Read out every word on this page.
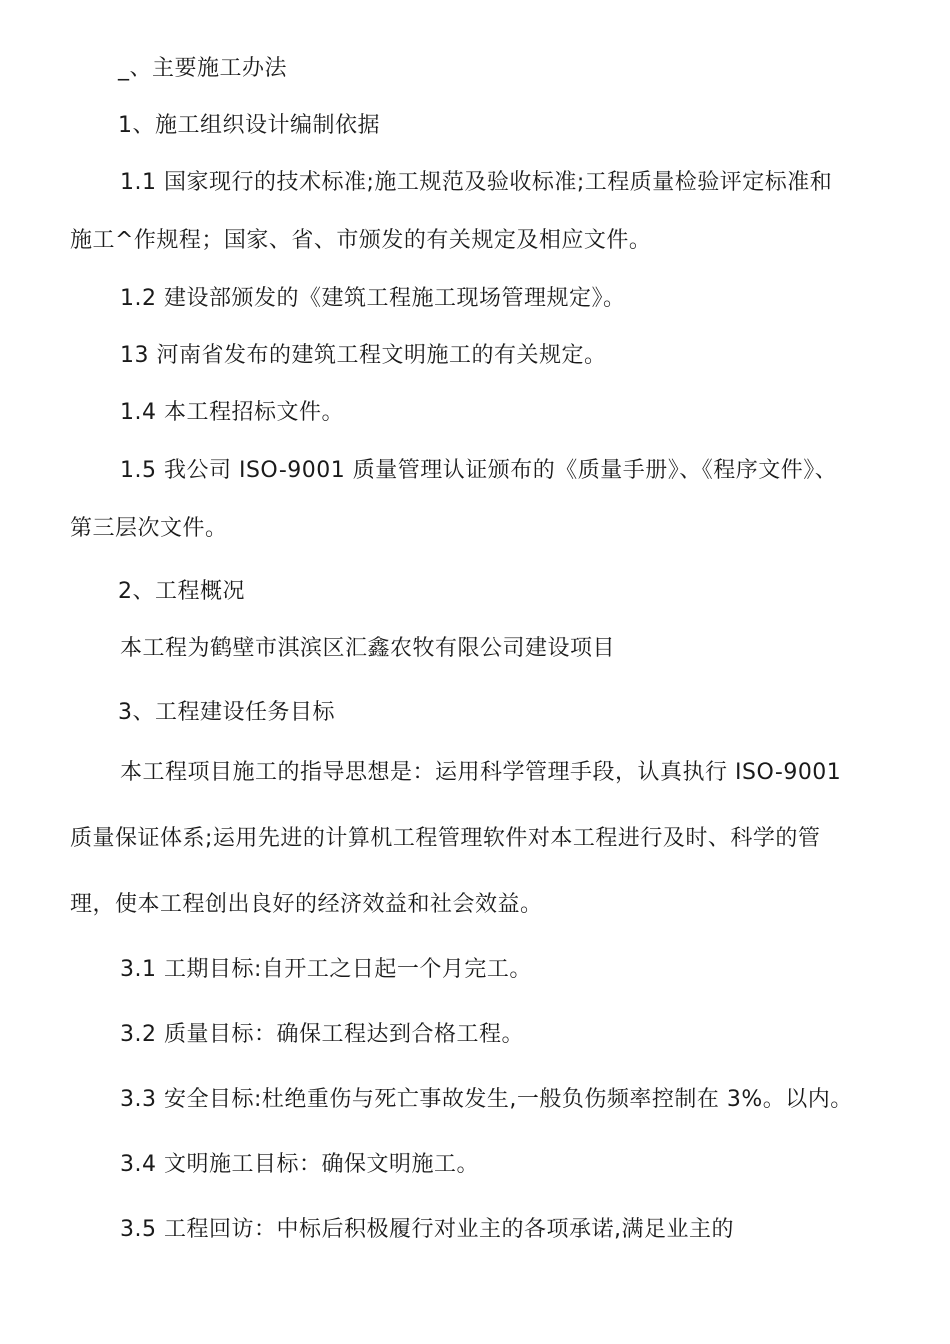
_、主要施工办法
1、施工组织设计编制依据
1.1 国家现行的技术标准;施工规范及验收标准;工程质量检验评定标准和
施工^作规程；国家、省、市颁发的有关规定及相应文件。
1.2 建设部颁发的《建筑工程施工现场管理规定》。
13 河南省发布的建筑工程文明施工的有关规定。
1.4 本工程招标文件。
1.5 我公司 ISO-9001 质量管理认证颁布的《质量手册》、《程序文件》、
第三层次文件。
2、工程概况
本工程为鹤壁市淇滨区汇鑫农牧有限公司建设项目
3、工程建设任务目标
本工程项目施工的指导思想是：运用科学管理手段，认真执行 ISO-9001
质量保证体系;运用先进的计算机工程管理软件对本工程进行及时、科学的管
理，使本工程创出良好的经济效益和社会效益。
3.1 工期目标:自开工之日起一个月完工。
3.2 质量目标：确保工程达到合格工程。
3.3 安全目标:杜绝重伤与死亡事故发生,一般负伤频率控制在 3%。以内。
3.4 文明施工目标：确保文明施工。
3.5 工程回访：中标后积极履行对业主的各项承诺,满足业主的
